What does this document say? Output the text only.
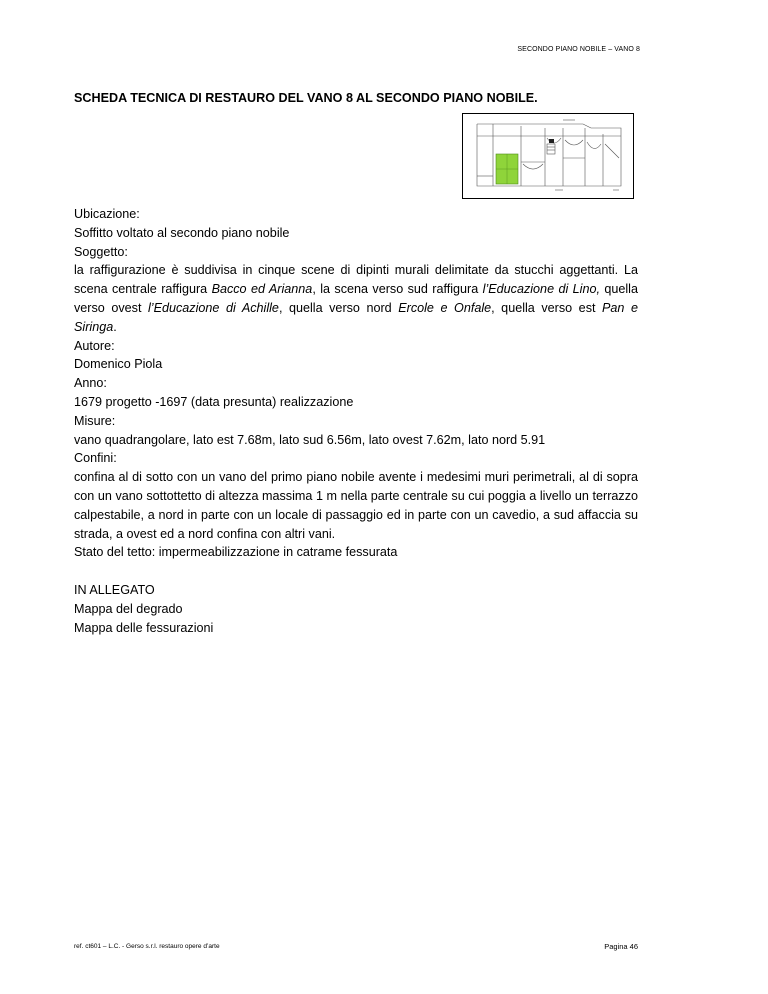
SECONDO PIANO NOBILE – VANO 8
SCHEDA TECNICA DI RESTAURO DEL VANO 8 AL SECONDO PIANO NOBILE.

Ubicazione:

Soffitto voltato al secondo piano nobile

Soggetto:

la raffigurazione è suddivisa in cinque scene di dipinti murali delimitate da stucchi aggettanti. La scena centrale raffigura Bacco ed Arianna, la scena verso sud raffigura l’Educazione di Lino, quella verso ovest l’Educazione di Achille, quella verso nord Ercole e Onfale, quella verso est Pan e Siringa.

Autore:

Domenico Piola

Anno:

1679 progetto -1697 (data presunta) realizzazione

Misure:

vano quadrangolare, lato est 7.68m, lato sud 6.56m, lato ovest 7.62m, lato nord 5.91

Confini:

confina al di sotto con un vano del primo piano nobile avente i medesimi muri perimetrali, al di sopra con un vano sottottetto di altezza massima 1 m nella parte centrale su cui poggia a livello un terrazzo calpestabile, a nord in parte con un locale di passaggio ed in parte con un cavedio, a sud affaccia su strada, a ovest ed a nord confina con altri vani.

Stato del tetto: impermeabilizzazione in catrame fessurata

IN ALLEGATO

Mappa del degrado

Mappa delle fessurazioni

ref. ct601 – L.C. - Gerso s.r.l. restauro opere d’arte	Pagina 46
